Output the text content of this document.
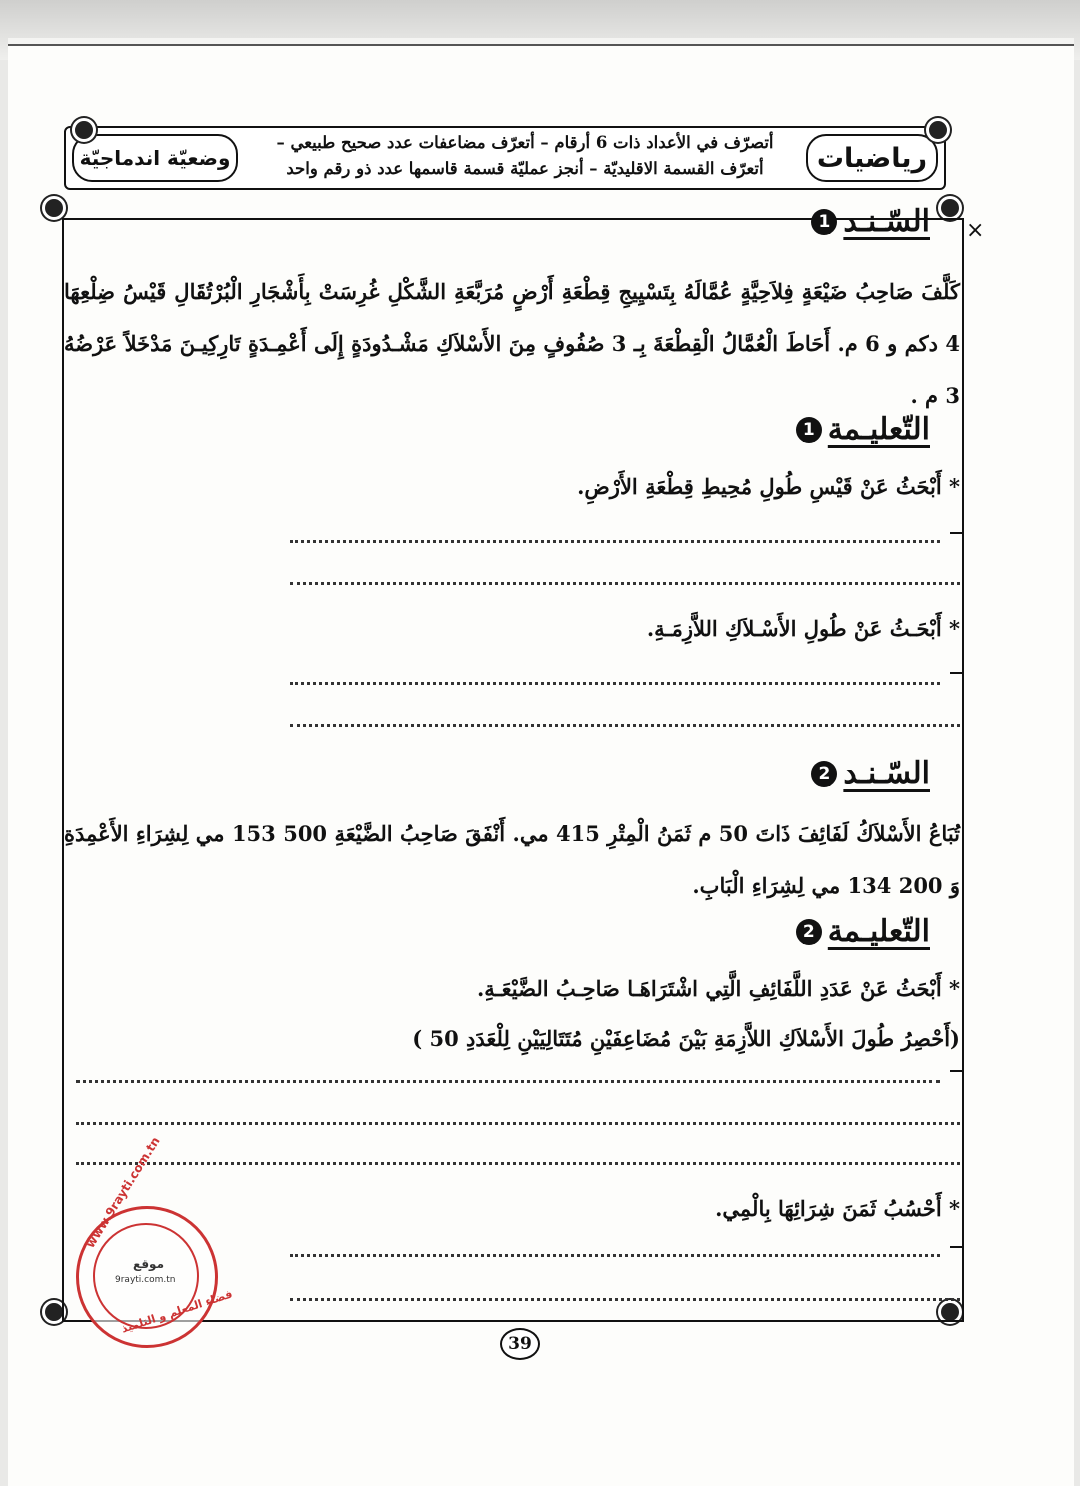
رياضيات
أتصرّف في الأعداد ذات 6 أرقام – أتعرّف مضاعفات عدد صحيح طبيعي –
أتعرّف القسمة الاقليديّة – أنجز عمليّة قسمة قاسمها عدد ذو رقم واحد
وضعيّة اندماجيّة
×
السّـنـد
1
كَلَّفَ صَاحِبُ ضَيْعَةٍ فِلاَحِيَّةٍ عُمَّالَهُ بِتَسْيِيجِ قِطْعَةِ أَرْضٍ مُرَبَّعَةِ الشَّكْلِ غُرِسَتْ بِأَشْجَارِ الْبُرْتُقَالِ قَيْسُ ضِلْعِهَا 4 دكم و 6 م. أَحَاطَ الْعُمَّالُ الْقِطْعَةَ بِـ 3 صُفُوفٍ مِنَ الأَسْلاَكِ مَشْـدُودَةٍ إِلَى أَعْمِـدَةٍ تَارِكِيـنَ مَدْخَلاً عَرْضُهُ 3 م .
التّعليـمة
1
* أَبْحَثُ عَنْ قَيْسِ طُولِ مُحِيطِ قِطْعَةِ الأَرْضِ.
* أَبْحَـثُ عَنْ طُولِ الأَسْـلاَكِ اللاَّزِمَـةِ.
السّـنـد
2
تُبَاعُ الأَسْلاَكُ لَفَائِفَ ذَاتَ 50 م ثَمَنُ الْمِتْرِ 415 مي. أَنْفَقَ صَاحِبُ الضَّيْعَةِ 500 153 مي لِشِرَاءِ الأَعْمِدَةِ وَ 200 134 مي لِشِرَاءِ الْبَابِ.
التّعليـمة
2
* أَبْحَثُ عَنْ عَدَدِ اللَّفَائِفِ الَّتِي اشْتَرَاهَـا صَاحِـبُ الضَّيْعَـةِ.
(أَحْصِرُ طُولَ الأَسْلاَكِ اللاَّزِمَةِ بَيْنَ مُضَاعِفَيْنِ مُتَتَالِيَيْنِ لِلْعَدَدِ 50 )
* أَحْسُبُ ثَمَنَ شِرَائِهَا بِالْمِي.
39
www.9rayti.com.tn
موقع
9rayti.com.tn
فضاء المعلم و التلميذ
